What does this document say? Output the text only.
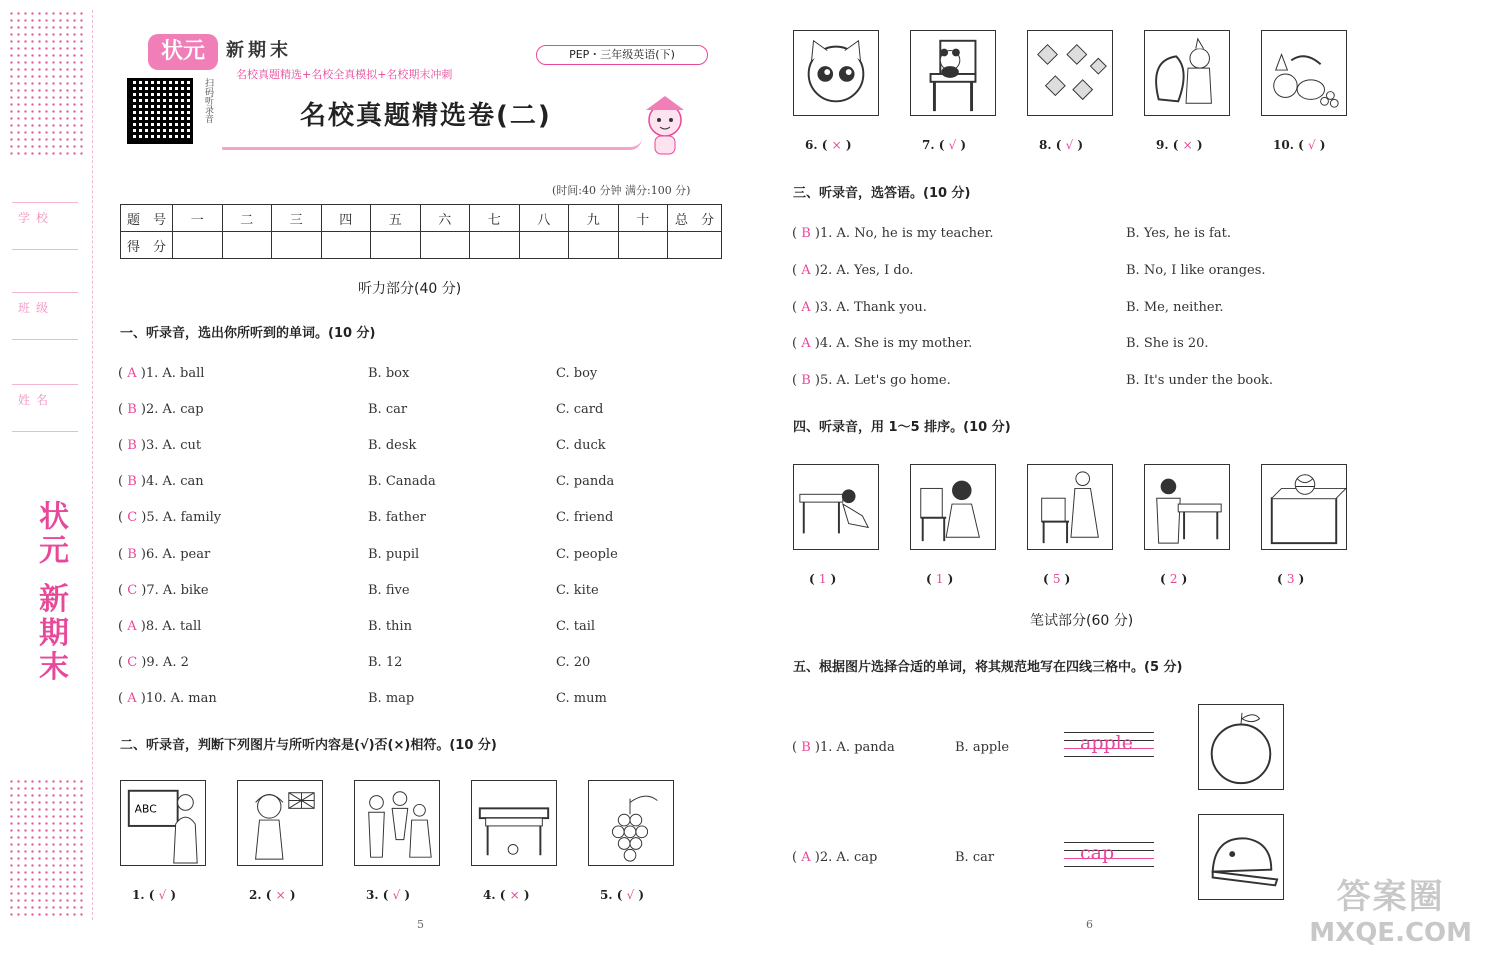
学校
班级
姓名
状元 新期末
状元	新期末
名校真题精选+名校全真模拟+名校期末冲刺
PEP・三年级英语(下)
扫码听录音	名校真题精选卷(二)
(时间:40 分钟 满分:100 分)
题　号	一	二	三	四	五	六	七	八	九	十	总　分
得　分											
听力部分(40 分)
一、听录音，选出你所听到的单词。(10 分)
( A )1. A. ball	B. box	C. boy
( B )2. A. cap	B. car	C. card
( B )3. A. cut	B. desk	C. duck
( B )4. A. can	B. Canada	C. panda
( C )5. A. family	B. father	C. friend
( B )6. A. pear	B. pupil	C. people
( C )7. A. bike	B. five	C. kite
( A )8. A. tall	B. thin	C. tail
( C )9. A. 2	B. 12	C. 20
( A )10. A. man	B. map	C. mum
二、听录音，判断下列图片与所听内容是(√)否(×)相符。(10 分)
ABC
1. ( √ )	2. ( × )	3. ( √ )	4. ( × )	5. ( √ )
6. ( × )	7. ( √ )	8. ( √ )	9. ( × )	10. ( √ )
5
三、听录音，选答语。(10 分)
( B )1. A. No, he is my teacher.	B. Yes, he is fat.
( A )2. A. Yes, I do.	B. No, I like oranges.
( A )3. A. Thank you.	B. Me, neither.
( A )4. A. She is my mother.	B. She is 20.
( B )5. A. Let's go home.	B. It's under the book.
四、听录音，用 1～5 排序。(10 分)
( 1 )	( 1 )	( 5 )	( 2 )	( 3 )
笔试部分(60 分)
五、根据图片选择合适的单词，将其规范地写在四线三格中。(5 分)
( B )1. A. panda	B. apple	apple
( A )2. A. cap	B. car	cap
6
答案圈
MXQE.COM
